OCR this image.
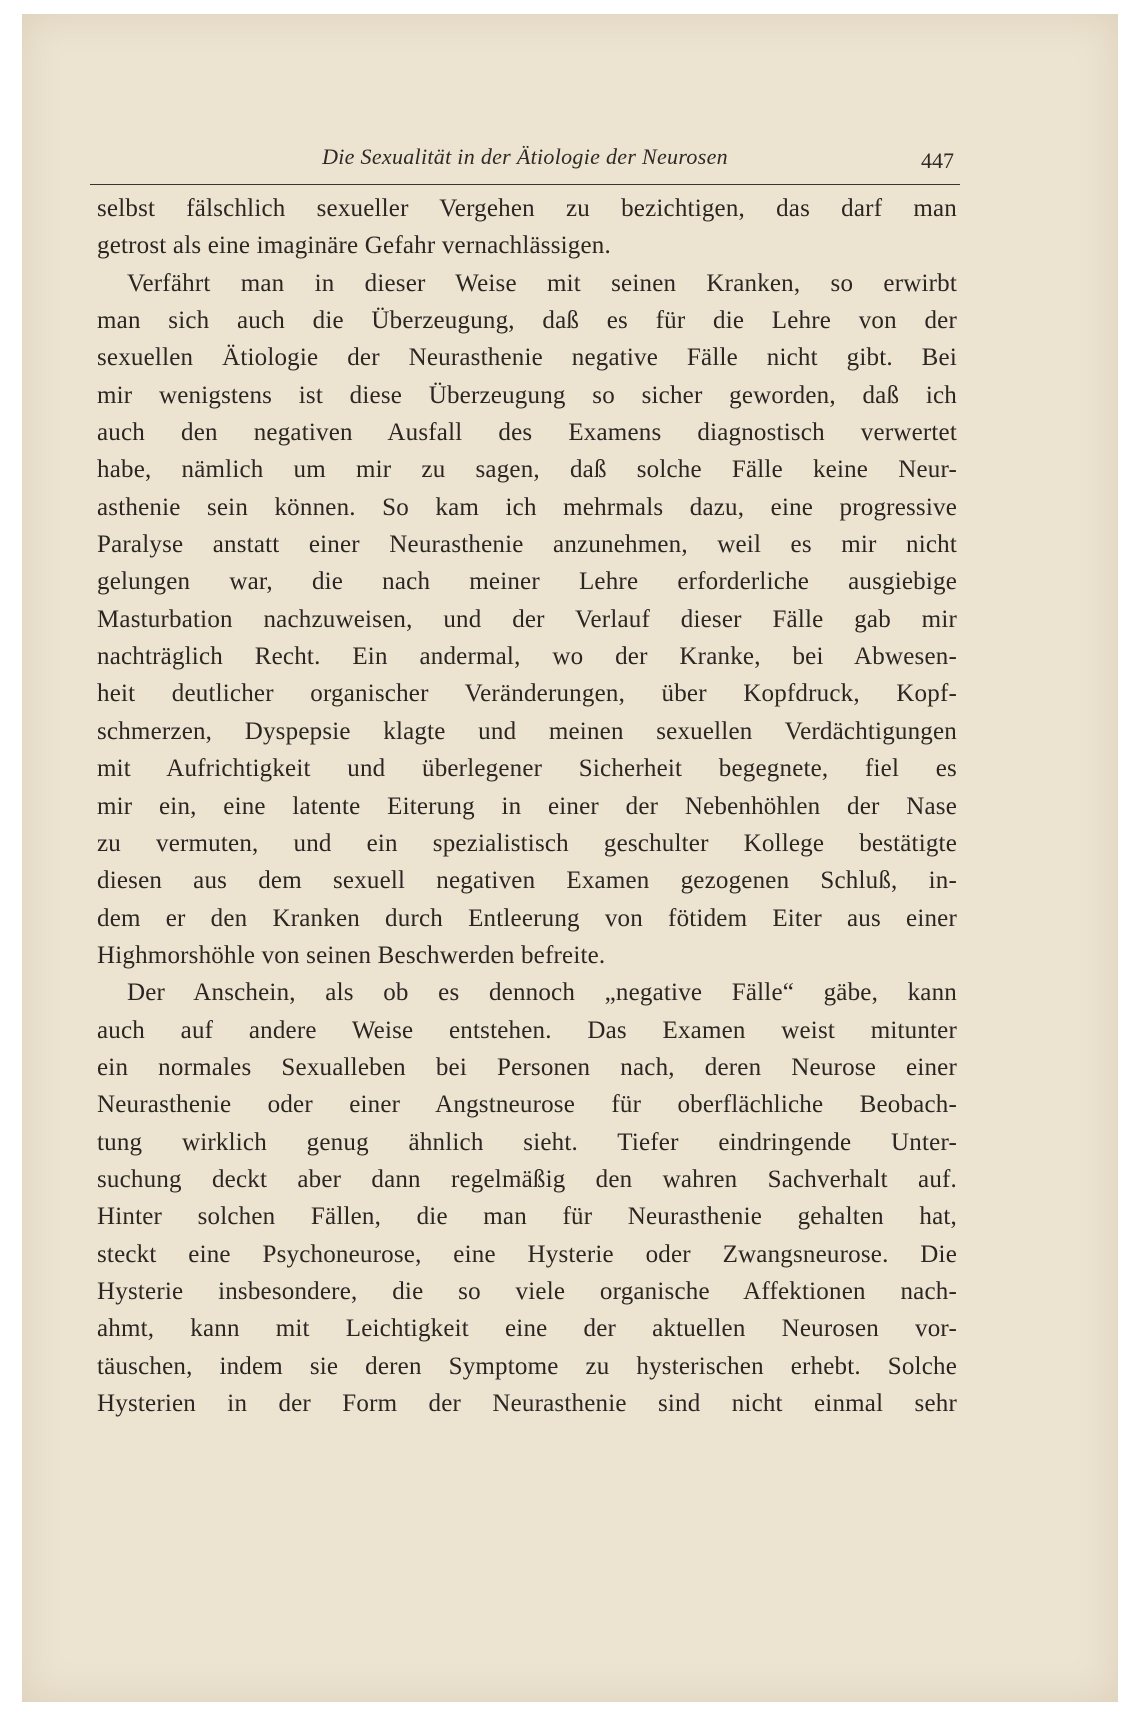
Die Sexualität in der Ätiologie der Neurosen	447
selbst fälschlich sexueller Vergehen zu bezichtigen, das darf man
getrost als eine imaginäre Gefahr vernachlässigen.
Verfährt man in dieser Weise mit seinen Kranken, so erwirbt
man sich auch die Überzeugung, daß es für die Lehre von der
sexuellen Ätiologie der Neurasthenie negative Fälle nicht gibt. Bei
mir wenigstens ist diese Überzeugung so sicher geworden, daß ich
auch den negativen Ausfall des Examens diagnostisch verwertet
habe, nämlich um mir zu sagen, daß solche Fälle keine Neur-
asthenie sein können. So kam ich mehrmals dazu, eine progressive
Paralyse anstatt einer Neurasthenie anzunehmen, weil es mir nicht
gelungen war, die nach meiner Lehre erforderliche ausgiebige
Masturbation nachzuweisen, und der Verlauf dieser Fälle gab mir
nachträglich Recht. Ein andermal, wo der Kranke, bei Abwesen-
heit deutlicher organischer Veränderungen, über Kopfdruck, Kopf-
schmerzen, Dyspepsie klagte und meinen sexuellen Verdächtigungen
mit Aufrichtigkeit und überlegener Sicherheit begegnete, fiel es
mir ein, eine latente Eiterung in einer der Nebenhöhlen der Nase
zu vermuten, und ein spezialistisch geschulter Kollege bestätigte
diesen aus dem sexuell negativen Examen gezogenen Schluß, in-
dem er den Kranken durch Entleerung von fötidem Eiter aus einer
Highmorshöhle von seinen Beschwerden befreite.
Der Anschein, als ob es dennoch „negative Fälle“ gäbe, kann
auch auf andere Weise entstehen. Das Examen weist mitunter
ein normales Sexualleben bei Personen nach, deren Neurose einer
Neurasthenie oder einer Angstneurose für oberflächliche Beobach-
tung wirklich genug ähnlich sieht. Tiefer eindringende Unter-
suchung deckt aber dann regelmäßig den wahren Sachverhalt auf.
Hinter solchen Fällen, die man für Neurasthenie gehalten hat,
steckt eine Psychoneurose, eine Hysterie oder Zwangsneurose. Die
Hysterie insbesondere, die so viele organische Affektionen nach-
ahmt, kann mit Leichtigkeit eine der aktuellen Neurosen vor-
täuschen, indem sie deren Symptome zu hysterischen erhebt. Solche
Hysterien in der Form der Neurasthenie sind nicht einmal sehr
